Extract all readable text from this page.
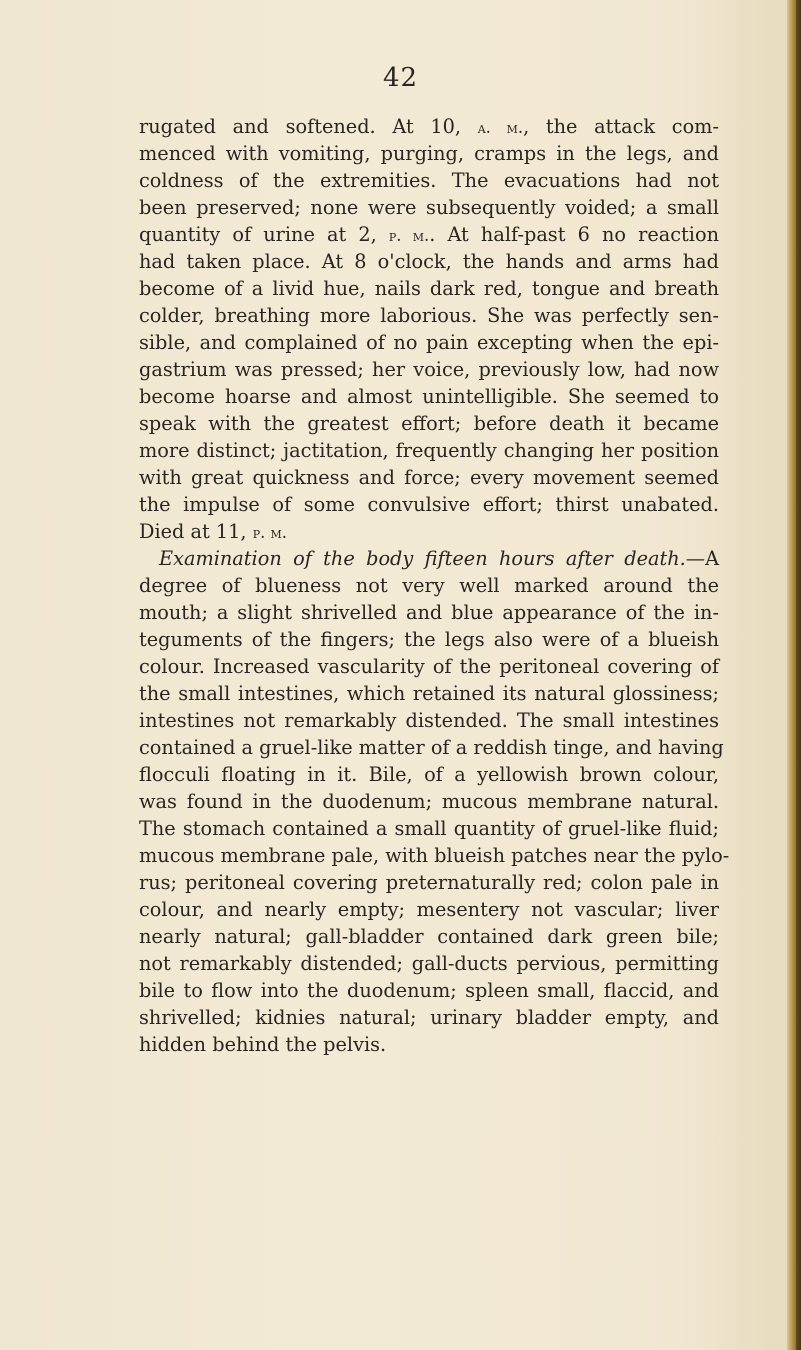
42
rugated and softened. At 10, a. m., the attack com-
menced with vomiting, purging, cramps in the legs, and
coldness of the extremities. The evacuations had not
been preserved; none were subsequently voided; a small
quantity of urine at 2, p. m.. At half-past 6 no reaction
had taken place. At 8 o'clock, the hands and arms had
become of a livid hue, nails dark red, tongue and breath
colder, breathing more laborious. She was perfectly sen-
sible, and complained of no pain excepting when the epi-
gastrium was pressed; her voice, previously low, had now
become hoarse and almost unintelligible. She seemed to
speak with the greatest effort; before death it became
more distinct; jactitation, frequently changing her position
with great quickness and force; every movement seemed
the impulse of some convulsive effort; thirst unabated.
Died at 11, p. m.
Examination of the body fifteen hours after death.—A
degree of blueness not very well marked around the
mouth; a slight shrivelled and blue appearance of the in-
teguments of the fingers; the legs also were of a blueish
colour. Increased vascularity of the peritoneal covering of
the small intestines, which retained its natural glossiness;
intestines not remarkably distended. The small intestines
contained a gruel-like matter of a reddish tinge, and having
flocculi floating in it. Bile, of a yellowish brown colour,
was found in the duodenum; mucous membrane natural.
The stomach contained a small quantity of gruel-like fluid;
mucous membrane pale, with blueish patches near the pylo-
rus; peritoneal covering preternaturally red; colon pale in
colour, and nearly empty; mesentery not vascular; liver
nearly natural; gall-bladder contained dark green bile;
not remarkably distended; gall-ducts pervious, permitting
bile to flow into the duodenum; spleen small, flaccid, and
shrivelled; kidnies natural; urinary bladder empty, and
hidden behind the pelvis.
